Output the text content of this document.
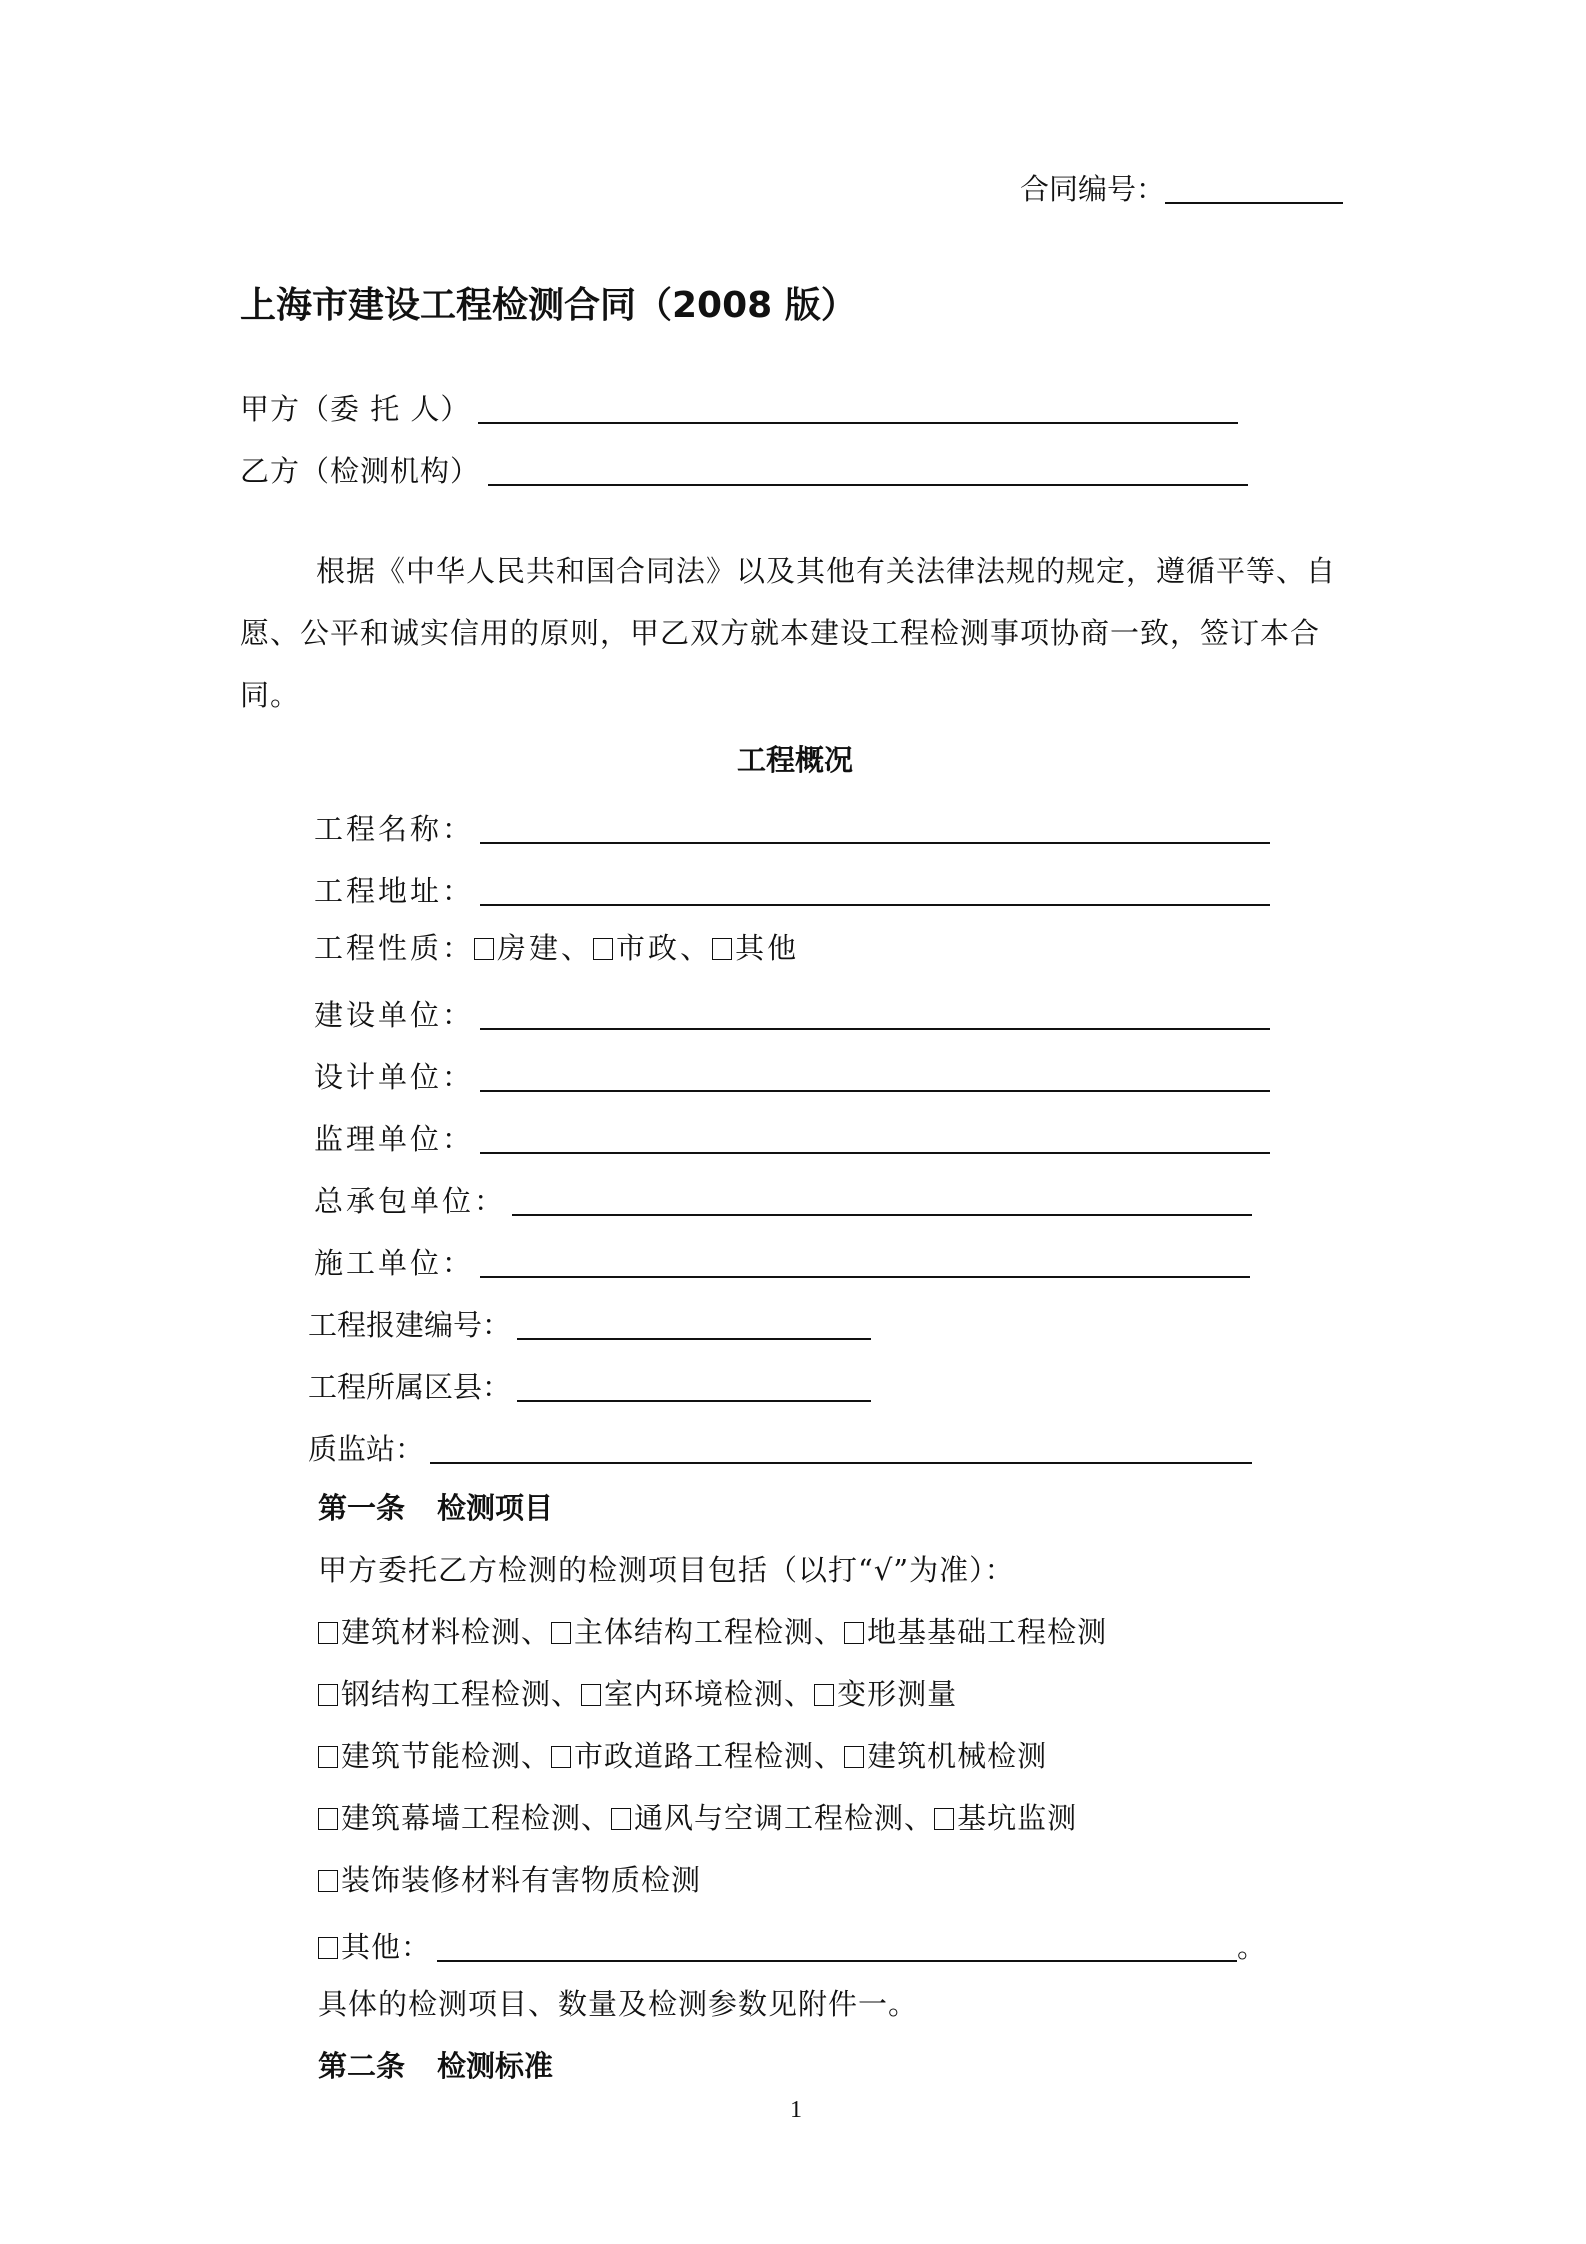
合同编号：
上海市建设工程检测合同（2008 版）
甲方（委 托 人）
乙方（检测机构）
根据《中华人民共和国合同法》以及其他有关法律法规的规定，遵循平等、自愿、公平和诚实信用的原则，甲乙双方就本建设工程检测事项协商一致，签订本合同。
工程概况
工程名称：
工程地址：
工程性质： 房建、 市政、 其他
建设单位：
设计单位：
监理单位：
总承包单位：
施工单位：
工程报建编号：
工程所属区县：
质监站：
第一条 检测项目
甲方委托乙方检测的检测项目包括（以打“√”为准）：
建筑材料检测、 主体结构工程检测、 地基基础工程检测
钢结构工程检测、 室内环境检测、 变形测量
建筑节能检测、 市政道路工程检测、 建筑机械检测
建筑幕墙工程检测、 通风与空调工程检测、 基坑监测
装饰装修材料有害物质检测
其他：	。
具体的检测项目、数量及检测参数见附件一。
第二条 检测标准
1
